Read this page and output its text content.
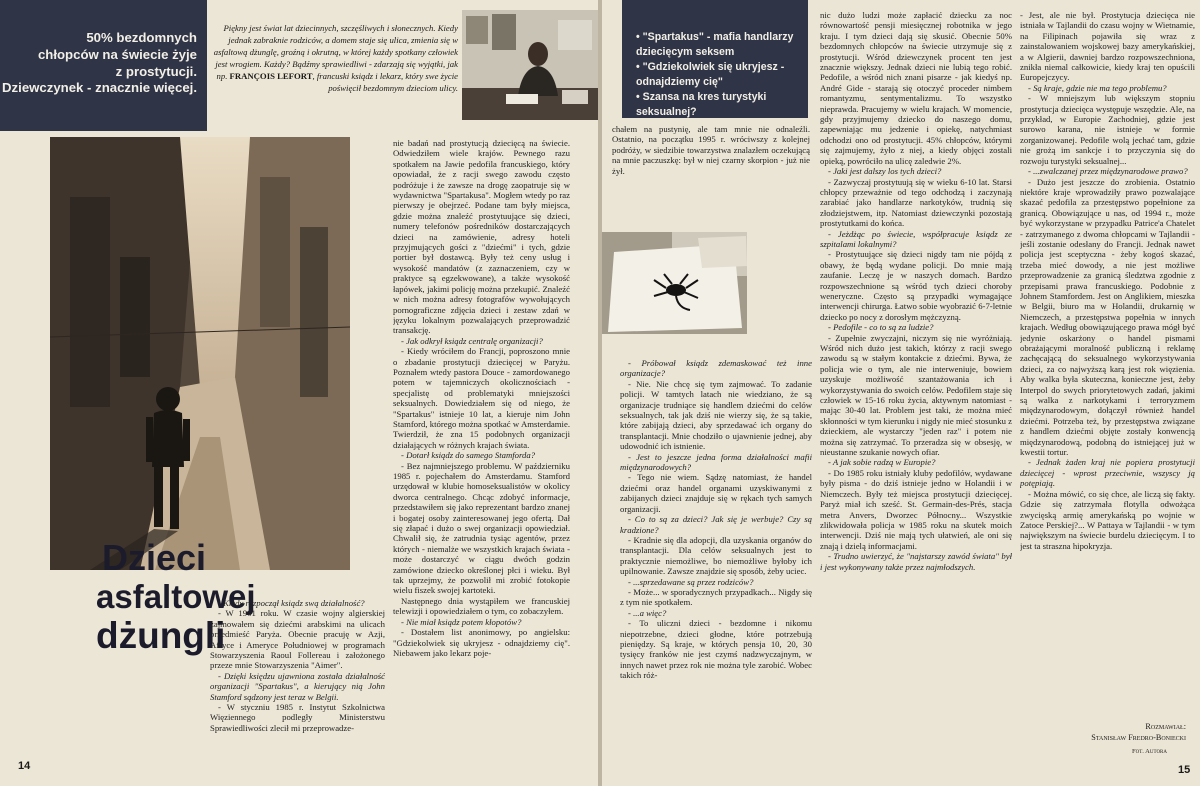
50% bezdomnych

chłopców na świecie żyje

z prostytucji.

Dziewczynek - znacznie więcej.

Piękny jest świat lat dziecinnych, szczęśliwych i słonecznych. Kiedy jednak zabraknie rodziców, a domem staje się ulica, zmienia się w asfaltową dżunglę, groźną i okrutną, w której każdy spotkany człowiek jest wrogiem. Każdy? Bądźmy sprawiedliwi - zdarzają się wyjątki, jak np. FRANÇOIS LEFORT, francuski ksiądz i lekarz, który swe życie poświęcił bezdomnym dzieciom ulicy.
Dzieci
asfaltowej
dżungli

- Kiedy rozpoczął ksiądz swą działalność?

- W 1961 roku. W czasie wojny algierskiej zajmowałem się dziećmi arabskimi na ulicach przedmieść Paryża. Obecnie pracuję w Azji, Afryce i Ameryce Południowej w programach Stowarzyszenia Raoul Follereau i założonego przeze mnie Stowarzyszenia "Aimer".

- Dzięki księdzu ujawniona została działalność organizacji "Spartakus", a kierujący nią John Stamford sądzony jest teraz w Belgii.

- W styczniu 1985 r. Instytut Szkolnictwa Więziennego podległy Ministerstwu Sprawiedliwości zlecił mi przeprowadze-

nie badań nad prostytucją dziecięcą na świecie. Odwiedziłem wiele krajów. Pewnego razu spotkałem na Jawie pedofila francuskiego, który opowiadał, że z racji swego zawodu często podróżuje i że zawsze na drogę zaopatruje się w wydawnictwa "Spartakusa". Mogłem wtedy po raz pierwszy je obejrzeć. Podane tam były miejsca, gdzie można znaleźć prostytuujące się dzieci, numery telefonów pośredników dostarczających dzieci na zamówienie, adresy hoteli przyjmujących gości z "dziećmi" i tych, gdzie portier był dostawcą. Były też ceny usług i wysokość mandatów (z zaznaczeniem, czy w praktyce są egzekwowane), a także wysokość łapówek, jakimi policję można przekupić. Znaleźć w nich można adresy fotografów wywołujących pornograficzne zdjęcia dzieci i zestaw zdań w języku lokalnym pozwalających przeprowadzić transakcję.

- Jak odkrył ksiądz centralę organizacji?

- Kiedy wróciłem do Francji, poproszono mnie o zbadanie prostytucji dziecięcej w Paryżu. Poznałem wtedy pastora Douce - zamordowanego potem w tajemniczych okolicznościach - specjalistę od problematyki mniejszości seksualnych. Dowiedziałem się od niego, że "Spartakus" istnieje 10 lat, a kieruje nim John Stamford, którego można spotkać w Amsterdamie. Twierdził, że zna 15 podobnych organizacji działających w różnych krajach świata.

- Dotarł ksiądz do samego Stamforda?

- Bez najmniejszego problemu. W październiku 1985 r. pojechałem do Amsterdamu. Stamford urzędował w klubie homoseksualistów w okolicy dworca centralnego. Chcąc zdobyć informacje, przedstawiłem się jako reprezentant bardzo znanej i bogatej osoby zainteresowanej jego ofertą. Dał się złapać i dużo o swej organizacji opowiedział. Chwalił się, że zatrudnia tysiąc agentów, przez których - niemalże we wszystkich krajach świata - może dostarczyć w ciągu dwóch godzin zamówione dziecko określonej płci i wieku. Był tak uprzejmy, że pozwolił mi zrobić fotokopie wielu fiszek swojej kartoteki.

Następnego dnia wystąpiłem we francuskiej telewizji i opowiedziałem o tym, co zobaczyłem.

- Nie miał ksiądz potem kłopotów?

- Dostałem list anonimowy, po angielsku: "Gdziekolwiek się ukryjesz - odnajdziemy cię". Niebawem jako lekarz poje-

14
• "Spartakus" - mafia handlarzy dziecięcym seksem
• "Gdziekolwiek się ukryjesz - odnajdziemy cię"
• Szansa na kres turystyki seksualnej?

chałem na pustynię, ale tam mnie nie odnaleźli. Ostatnio, na początku 1995 r. wróciwszy z kolejnej podróży, w siedzibie towarzystwa znalazłem oczekującą na mnie paczuszkę: był w niej czarny skorpion - już nie żył.

- Próbował ksiądz zdemaskować też inne organizacje?

- Nie. Nie chcę się tym zajmować. To zadanie policji. W tamtych latach nie wiedziano, że są organizacje trudniące się handlem dziećmi do celów seksualnych, tak jak dziś nie wierzy się, że są takie, które zabijają dzieci, aby sprzedawać ich organy do transplantacji. Mnie chodziło o ujawnienie jednej, aby udowodnić ich istnienie.

- Jest to jeszcze jedna forma działalności mafii międzynarodowych?

- Tego nie wiem. Sądzę natomiast, że handel dziećmi oraz handel organami uzyskiwanymi z zabijanych dzieci znajduje się w rękach tych samych organizacji.

- Co to są za dzieci? Jak się je werbuje? Czy są kradzione?

- Kradnie się dla adopcji, dla uzyskania organów do transplantacji. Dla celów seksualnych jest to praktycznie niemożliwe, bo niemożliwe byłoby ich upilnowanie. Zawsze znajdzie się sposób, żeby uciec.

- ...sprzedawane są przez rodziców?

- Może... w sporadycznych przypadkach... Nigdy się z tym nie spotkałem.

- ...a więc?

- To uliczni dzieci - bezdomne i nikomu niepotrzebne, dzieci głodne, które potrzebują pieniędzy. Są kraje, w których pensja 10, 20, 30 tysięcy franków nie jest czymś nadzwyczajnym, w innych nawet przez rok nie można tyle zarobić. Wobec takich róż-

nic dużo ludzi może zapłacić dziecku za noc równowartość pensji miesięcznej robotnika w jego kraju. I tym dzieci dają się skusić. Obecnie 50% bezdomnych chłopców na świecie utrzymuje się z prostytucji. Wśród dziewczynek procent ten jest znacznie większy. Jednak dzieci nie lubią tego robić. Pedofile, a wśród nich znani pisarze - jak kiedyś np. André Gide - starają się otoczyć proceder nimbem romantyzmu, sentymentalizmu. To wszystko nieprawda. Pracujemy w wielu krajach. W momencie, gdy przyjmujemy dziecko do naszego domu, zapewniając mu jedzenie i opiekę, natychmiast odchodzi ono od prostytucji. 45% chłopców, którymi się zajmujemy, żyło z niej, a kiedy objęci zostali opieką, powróciło na ulicę zaledwie 2%.

- Jaki jest dalszy los tych dzieci?

- Zazwyczaj prostytuują się w wieku 6-10 lat. Starsi chłopcy przeważnie od tego odchodzą i zaczynają zarabiać jako handlarze narkotyków, trudnią się złodziejstwem, itp. Natomiast dziewczynki pozostają prostytutkami do końca.

- Jeżdżąc po świecie, współpracuje ksiądz ze szpitalami lokalnymi?

- Prostytuujące się dzieci nigdy tam nie pójdą z obawy, że będą wydane policji. Do mnie mają zaufanie. Leczę je w naszych domach. Bardzo rozpowszechnione są wśród tych dzieci choroby weneryczne. Często są przypadki wymagające interwencji chirurga. Łatwo sobie wyobrazić 6-7-letnie dziecko po nocy z dorosłym mężczyzną.

- Pedofile - co to są za ludzie?

- Zupełnie zwyczajni, niczym się nie wyróżniają. Wśród nich dużo jest takich, którzy z racji swego zawodu są w stałym kontakcie z dziećmi. Bywa, że policja wie o tym, ale nie interweniuje, bowiem uzyskuje możliwość szantażowania ich i wykorzystywania do swoich celów. Pedofilem staje się człowiek w 15-16 roku życia, aktywnym natomiast - mając 30-40 lat. Problem jest taki, że można mieć skłonności w tym kierunku i nigdy nie mieć stosunku z dzieckiem, ale wystarczy "jeden raz" i potem nie można się zatrzymać. To przeradza się w obsesję, w nieustanne szukanie nowych ofiar.

- A jak sobie radzą w Europie?

- Do 1985 roku istniały kluby pedofilów, wydawane były pisma - do dziś istnieje jedno w Holandii i w Niemczech. Były też miejsca prostytucji dziecięcej. Paryż miał ich sześć. St. Germain-des-Prés, stacja metra Anvers, Dworzec Północny... Wszystkie zlikwidowała policja w 1985 roku na skutek moich interwencji. Dziś nie mają tych ułatwień, ale oni się znają i dzielą informacjami.

- Trudno uwierzyć, że "najstarszy zawód świata" był i jest wykonywany także przez najmłodszych.

- Jest, ale nie był. Prostytucja dziecięca nie istniała w Tajlandii do czasu wojny w Wietnamie, na Filipinach pojawiła się wraz z zainstalowaniem wojskowej bazy amerykańskiej, a w Algierii, dawniej bardzo rozpowszechniona, znikła niemal całkowicie, kiedy kraj ten opuścili Europejczycy.

- Są kraje, gdzie nie ma tego problemu?

- W mniejszym lub większym stopniu prostytucja dziecięca występuje wszędzie. Ale, na przykład, w Europie Zachodniej, gdzie jest surowo karana, nie istnieje w formie zorganizowanej. Pedofile wolą jechać tam, gdzie nie grożą im sankcje i to przyczynia się do rozwoju turystyki seksualnej...

- ...zwalczanej przez międzynarodowe prawo?

- Dużo jest jeszcze do zrobienia. Ostatnio niektóre kraje wprowadziły prawo pozwalające skazać pedofila za przestępstwo popełnione za granicą. Obowiązujące u nas, od 1994 r., może być wykorzystane w przypadku Patrice'a Chatelet - zatrzymanego z dwoma chłopcami w Tajlandii - jeśli zostanie odesłany do Francji. Jednak nawet policja jest sceptyczna - żeby kogoś skazać, trzeba mieć dowody, a nie jest możliwe przeprowadzenie za granicą śledztwa zgodnie z przepisami prawa francuskiego. Podobnie z Johnem Stamfordem. Jest on Anglikiem, mieszka w Belgii, biuro ma w Holandii, drukarnię w Niemczech, a przestępstwa popełnia w innych krajach. Według obowiązującego prawa mógł być jedynie oskarżony o handel pismami obrażającymi moralność publiczną i reklamę zachęcającą do seksualnego wykorzystywania dzieci, za co najwyższą karą jest rok więzienia. Aby walka była skuteczna, konieczne jest, żeby Interpol do swych priorytetowych zadań, jakimi są walka z narkotykami i terroryzmem międzynarodowym, dołączył również handel dziećmi. Potrzeba też, by przestępstwa związane z handlem dziećmi objęte zostały konwencją międzynarodową, podobną do istniejącej już w kwestii tortur.

- Jednak żaden kraj nie popiera prostytucji dziecięcej - wprost przeciwnie, wszyscy ją potępiają.

- Można mówić, co się chce, ale liczą się fakty. Gdzie się zatrzymała flotylla odwożąca zwycięską armię amerykańską po wojnie w Zatoce Perskiej?... W Pattaya w Tajlandii - w tym największym na świecie burdelu dziecięcym. I to jest ta straszna hipokryzja.

Rozmawiał:
Stanisław Fredro-Boniecki
Fot. Autora
15
